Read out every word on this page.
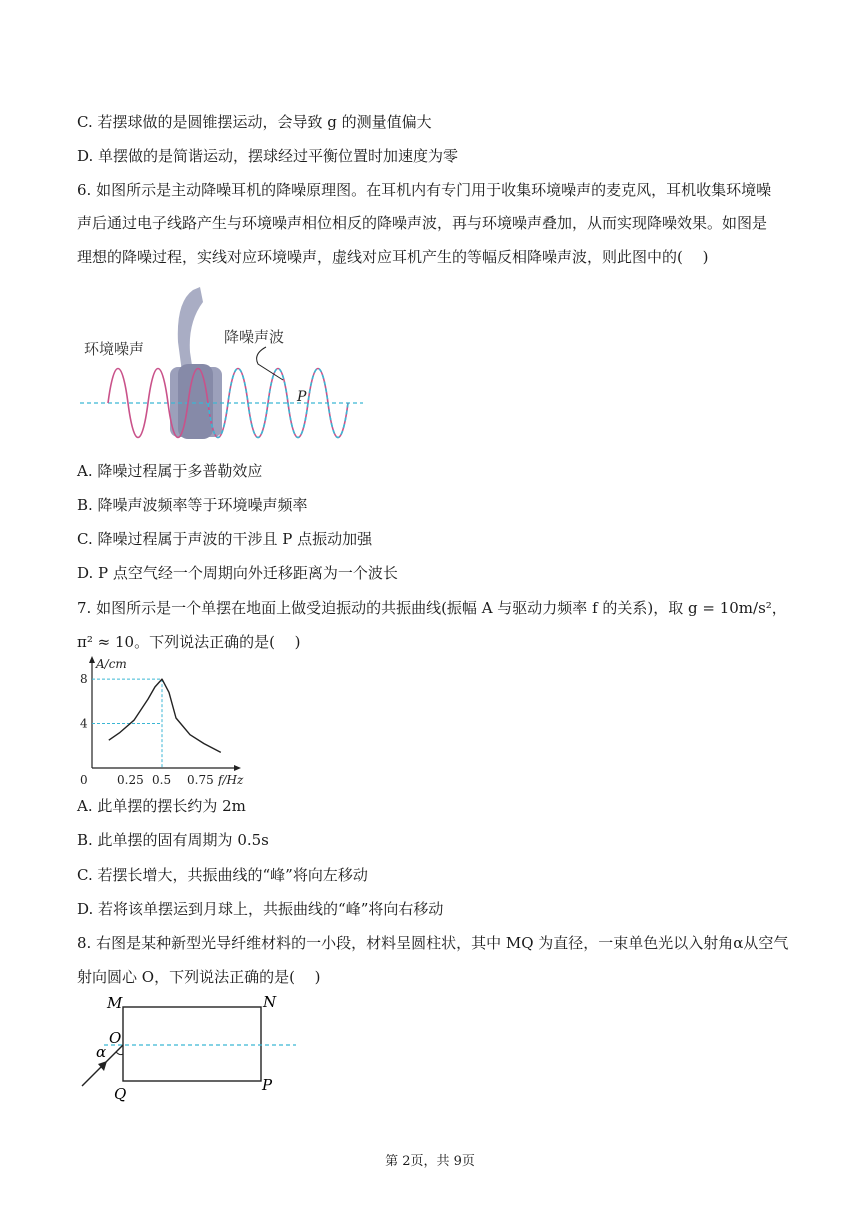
C. 若摆球做的是圆锥摆运动，会导致 g 的测量值偏大
D. 单摆做的是简谐运动，摆球经过平衡位置时加速度为零
6. 如图所示是主动降噪耳机的降噪原理图。在耳机内有专门用于收集环境噪声的麦克风，耳机收集环境噪
声后通过电子线路产生与环境噪声相位相反的降噪声波，再与环境噪声叠加，从而实现降噪效果。如图是
理想的降噪过程，实线对应环境噪声，虚线对应耳机产生的等幅反相降噪声波，则此图中的(　 )
环境噪声
降噪声波
P
A. 降噪过程属于多普勒效应
B. 降噪声波频率等于环境噪声频率
C. 降噪过程属于声波的干涉且 P 点振动加强
D. P 点空气经一个周期向外迁移距离为一个波长
7. 如图所示是一个单摆在地面上做受迫振动的共振曲线(振幅 A 与驱动力频率 f 的关系)，取 g = 10m/s²，
π² ≈ 10。下列说法正确的是(　 )
0 0.25 0.5 0.75
4
8
f/Hz
A/cm
A. 此单摆的摆长约为 2m
B. 此单摆的固有周期为 0.5s
C. 若摆长增大，共振曲线的“峰”将向左移动
D. 若将该单摆运到月球上，共振曲线的“峰”将向右移动
8. 右图是某种新型光导纤维材料的一小段，材料呈圆柱状，其中 MQ 为直径，一束单色光以入射角α从空气
射向圆心 O，下列说法正确的是(　 )
M	N
O
α
Q	P
第 2页，共 9页
